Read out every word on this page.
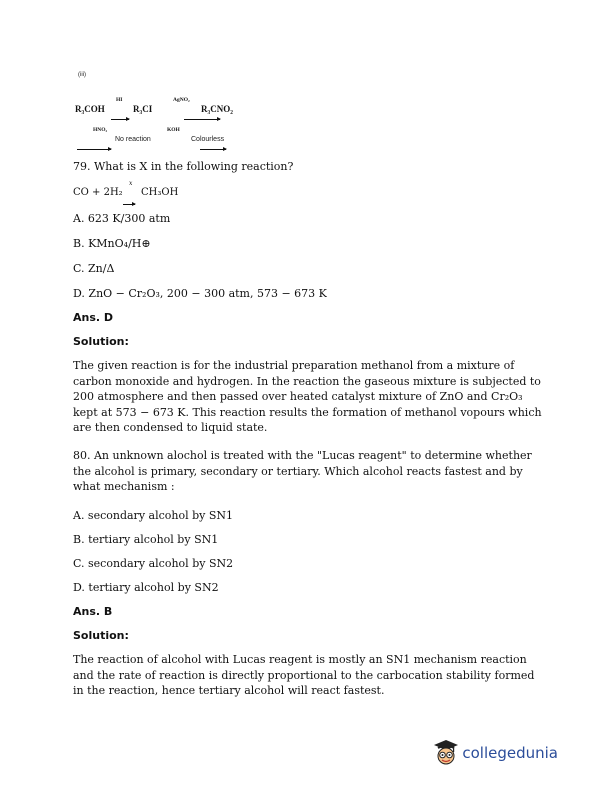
(iii)
R₃COH
HI

R₃CI
AgNO₂
R₃CNO₂
HNO₂

No reaction
KOH
Colourless
79. What is X in the following reaction?
CO + 2H₂
x
CH₃OH
A. 623 K/300 atm
B. KMnO₄/H⊕
C. Zn/Δ
D. ZnO − Cr₂O₃, 200 − 300 atm, 573 − 673 K
Ans. D
Solution:
The given reaction is for the industrial preparation methanol from a mixture of carbon monoxide and hydrogen. In the reaction the gaseous mixture is subjected to 200 atmosphere and then passed over heated catalyst mixture of ZnO and Cr₂O₃ kept at 573 − 673 K. This reaction results the formation of methanol vopours which are then condensed to liquid state.
80. An unknown alochol is treated with the "Lucas reagent" to determine whether the alcohol is primary, secondary or tertiary. Which alcohol reacts fastest and by what mechanism :
A. secondary alcohol by SN1
B. tertiary alcohol by SN1
C. secondary alcohol by SN2
D. tertiary alcohol by SN2
Ans. B
Solution:
The reaction of alcohol with Lucas reagent is mostly an SN1 mechanism reaction and the rate of reaction is directly proportional to the carbocation stability formed in the reaction, hence tertiary alcohol will react fastest.
collegedunia
